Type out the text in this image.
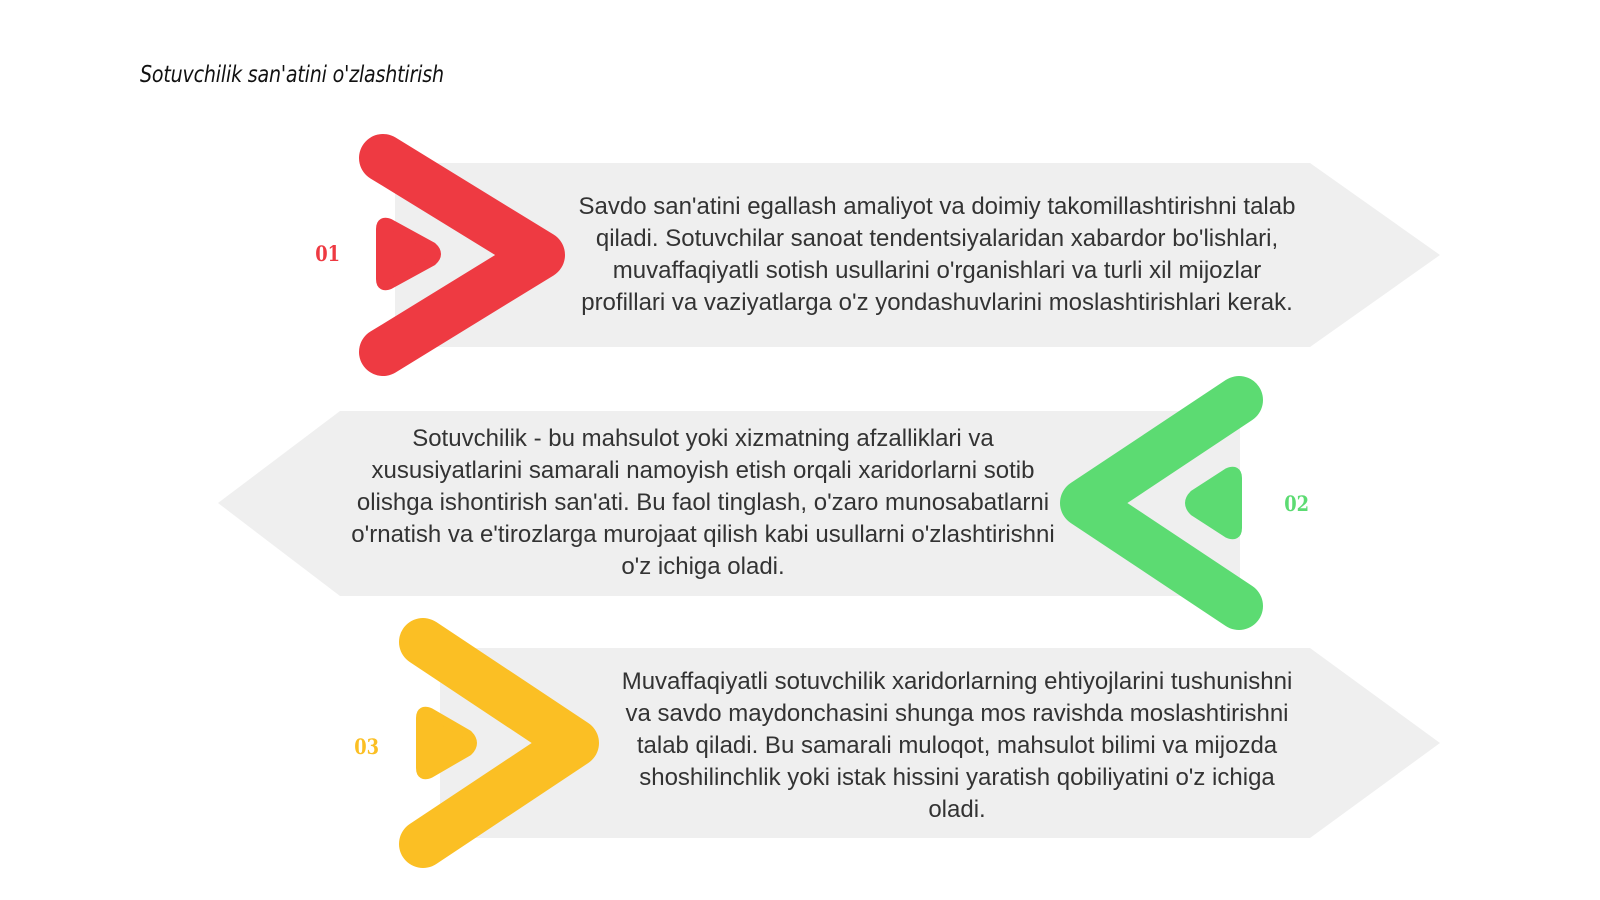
Sotuvchilik san'atini o'zlashtirish
01
02
03
Savdo san'atini egallash amaliyot va doimiy takomillashtirishni talab
qiladi. Sotuvchilar sanoat tendentsiyalaridan xabardor bo'lishlari,
muvaffaqiyatli sotish usullarini o'rganishlari va turli xil mijozlar
profillari va vaziyatlarga o'z yondashuvlarini moslashtirishlari kerak.
Sotuvchilik - bu mahsulot yoki xizmatning afzalliklari va
xususiyatlarini samarali namoyish etish orqali xaridorlarni sotib
olishga ishontirish san'ati. Bu faol tinglash, o'zaro munosabatlarni
o'rnatish va e'tirozlarga murojaat qilish kabi usullarni o'zlashtirishni
o'z ichiga oladi.
Muvaffaqiyatli sotuvchilik xaridorlarning ehtiyojlarini tushunishni
va savdo maydonchasini shunga mos ravishda moslashtirishni
talab qiladi. Bu samarali muloqot, mahsulot bilimi va mijozda
shoshilinchlik yoki istak hissini yaratish qobiliyatini o'z ichiga
oladi.
